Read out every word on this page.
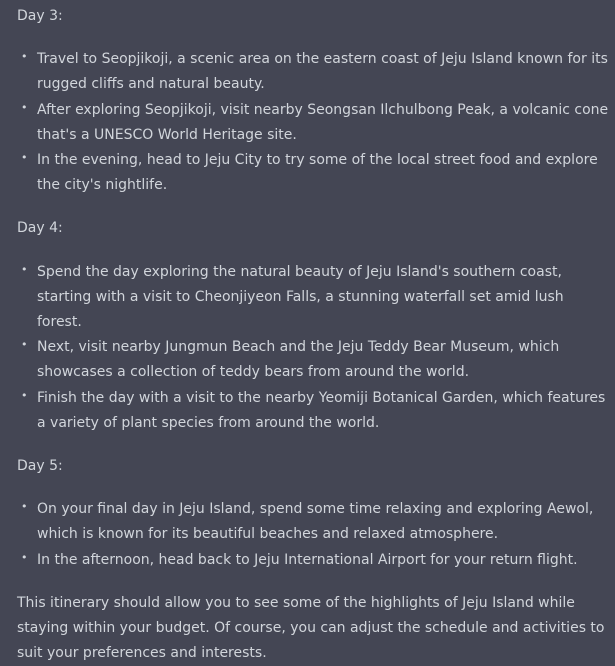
Day 3:

• Travel to Seopjikoji, a scenic area on the eastern coast of Jeju Island known for its rugged cliffs and natural beauty.
• After exploring Seopjikoji, visit nearby Seongsan Ilchulbong Peak, a volcanic cone that's a UNESCO World Heritage site.
• In the evening, head to Jeju City to try some of the local street food and explore the city's nightlife.

Day 4:

• Spend the day exploring the natural beauty of Jeju Island's southern coast, starting with a visit to Cheonjiyeon Falls, a stunning waterfall set amid lush forest.
• Next, visit nearby Jungmun Beach and the Jeju Teddy Bear Museum, which showcases a collection of teddy bears from around the world.
• Finish the day with a visit to the nearby Yeomiji Botanical Garden, which features a variety of plant species from around the world.

Day 5:

• On your final day in Jeju Island, spend some time relaxing and exploring Aewol, which is known for its beautiful beaches and relaxed atmosphere.
• In the afternoon, head back to Jeju International Airport for your return flight.

This itinerary should allow you to see some of the highlights of Jeju Island while staying within your budget. Of course, you can adjust the schedule and activities to suit your preferences and interests.
